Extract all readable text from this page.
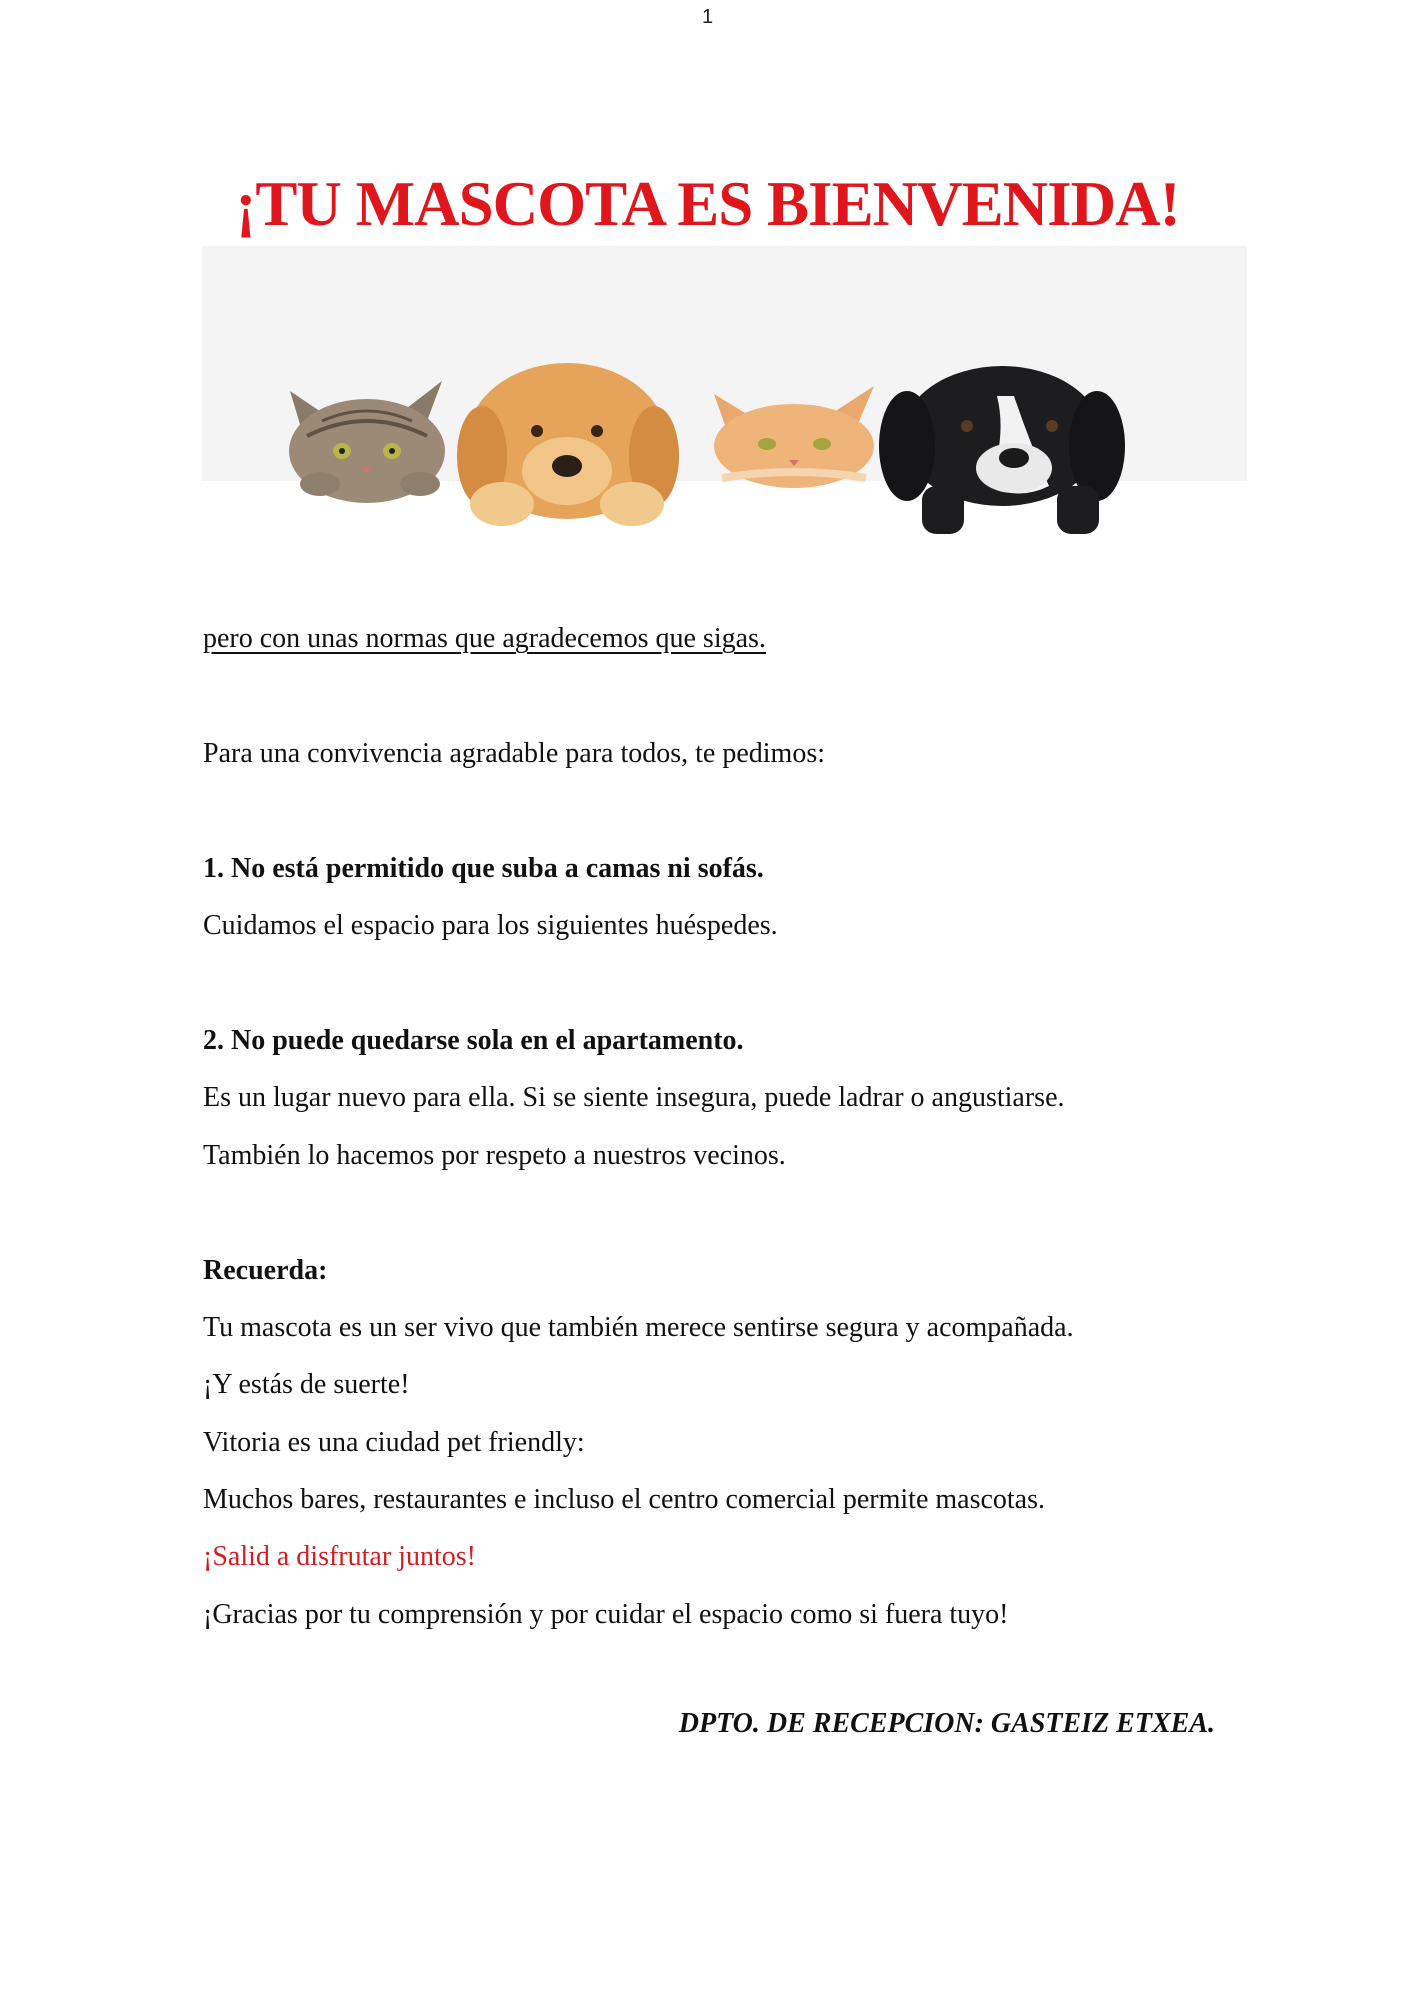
1
¡TU MASCOTA ES BIENVENIDA!

pero con unas normas que agradecemos que sigas.

Para una convivencia agradable para todos, te pedimos:

1. No está permitido que suba a camas ni sofás.

Cuidamos el espacio para los siguientes huéspedes.

2. No puede quedarse sola en el apartamento.

Es un lugar nuevo para ella. Si se siente insegura, puede ladrar o angustiarse.

También lo hacemos por respeto a nuestros vecinos.

Recuerda:

Tu mascota es un ser vivo que también merece sentirse segura y acompañada.

¡Y estás de suerte!

Vitoria es una ciudad pet friendly:

Muchos bares, restaurantes e incluso el centro comercial permite mascotas.

¡Salid a disfrutar juntos!

¡Gracias por tu comprensión y por cuidar el espacio como si fuera tuyo!

DPTO. DE RECEPCION: GASTEIZ ETXEA.
